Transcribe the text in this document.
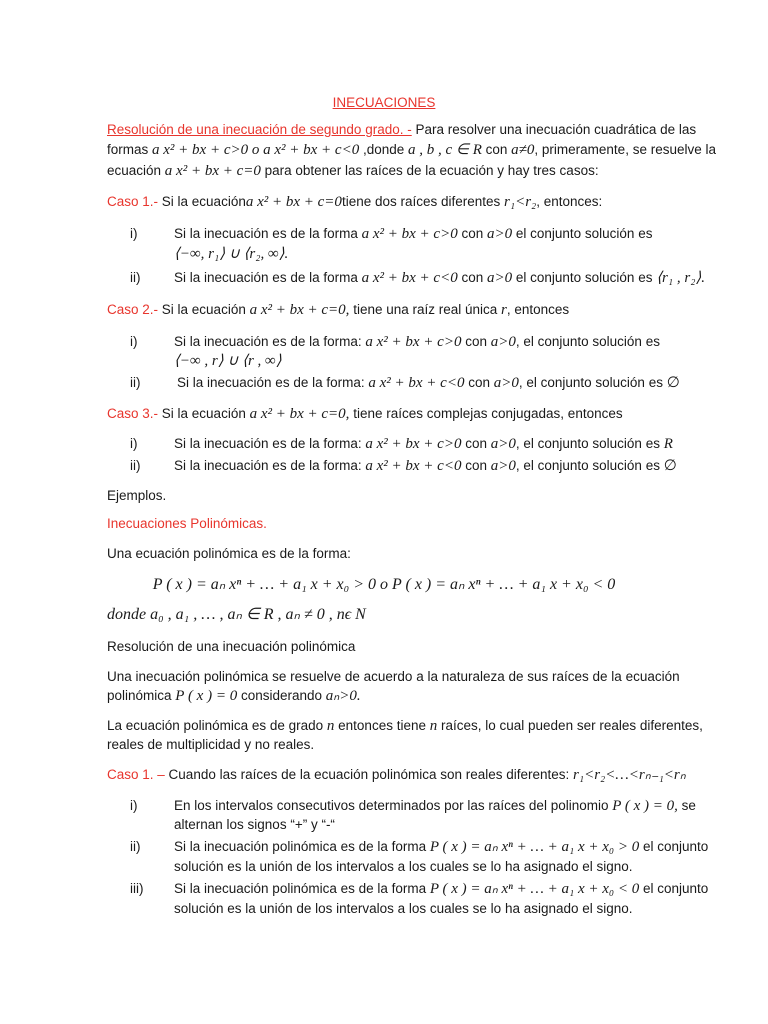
INECUACIONES
Resolución de una inecuación de segundo grado. - Para resolver una inecuación cuadrática de las
formas a x² + bx + c>0 o a x² + bx + c<0 ,donde a , b , c ∈ R con a≠0, primeramente, se resuelve la
ecuación a x² + bx + c=0 para obtener las raíces de la ecuación y hay tres casos:
Caso 1.- Si la ecuacióna x² + bx + c=0tiene dos raíces diferentes r₁<r₂, entonces:
i)	Si la inecuación es de la forma a x² + bx + c>0 con a>0 el conjunto solución es
⟨−∞, r₁⟩ ∪ ⟨r₂, ∞⟩.
ii) Si la inecuación es de la forma a x² + bx + c<0 con a>0 el conjunto solución es ⟨r₁ , r₂⟩.
Caso 2.- Si la ecuación a x² + bx + c=0, tiene una raíz real única r, entonces
i)	Si la inecuación es de la forma: a x² + bx + c>0 con a>0, el conjunto solución es
⟨−∞ , r⟩ ∪ ⟨r , ∞⟩
ii)	Si la inecuación es de la forma: a x² + bx + c<0 con a>0, el conjunto solución es ∅
Caso 3.- Si la ecuación a x² + bx + c=0, tiene raíces complejas conjugadas, entonces
i)	Si la inecuación es de la forma: a x² + bx + c>0 con a>0, el conjunto solución es R
ii) Si la inecuación es de la forma: a x² + bx + c<0 con a>0, el conjunto solución es ∅
Ejemplos.
Inecuaciones Polinómicas.
Una ecuación polinómica es de la forma:
P ( x ) = aₙ xⁿ + … + a₁ x + x₀ > 0 o P ( x ) = aₙ xⁿ + … + a₁ x + x₀ < 0
donde a₀ , a₁ , … , aₙ ∈ R , aₙ ≠ 0 , nϵ N
Resolución de una inecuación polinómica
Una inecuación polinómica se resuelve de acuerdo a la naturaleza de sus raíces de la ecuación
polinómica P ( x ) = 0 considerando aₙ>0.
La ecuación polinómica es de grado n entonces tiene n raíces, lo cual pueden ser reales diferentes,
reales de multiplicidad y no reales.
Caso 1. – Cuando las raíces de la ecuación polinómica son reales diferentes: r₁<r₂<…<rₙ₋₁<rₙ
i)	En los intervalos consecutivos determinados por las raíces del polinomio P ( x ) = 0, se
alternan los signos “+” y “-“
ii) Si la inecuación polinómica es de la forma P ( x ) = aₙ xⁿ + … + a₁ x + x₀ > 0 el conjunto
solución es la unión de los intervalos a los cuales se lo ha asignado el signo.
iii) Si la inecuación polinómica es de la forma P ( x ) = aₙ xⁿ + … + a₁ x + x₀ < 0 el conjunto
solución es la unión de los intervalos a los cuales se lo ha asignado el signo.
